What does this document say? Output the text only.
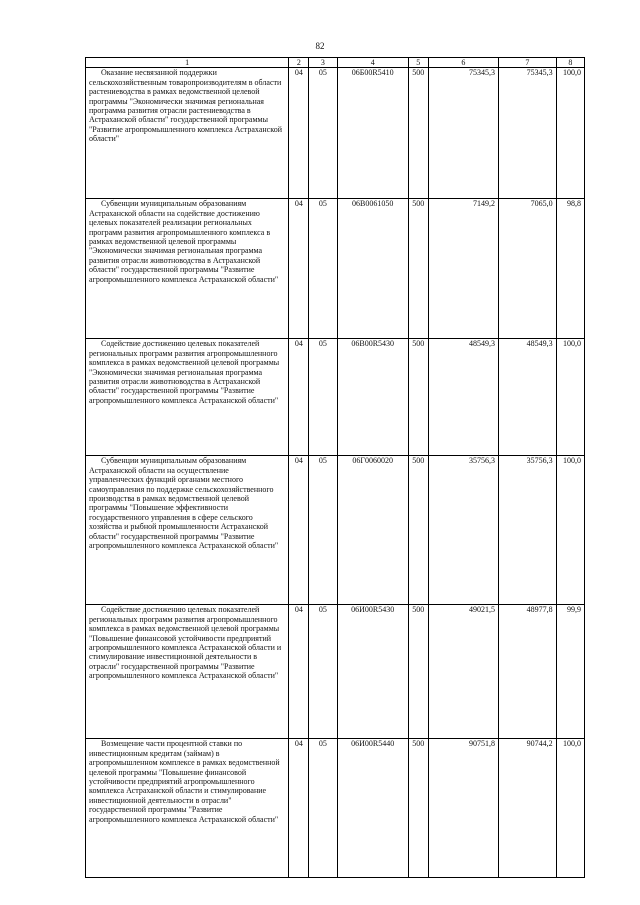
82
1	2	3	4	5	6	7	8
Оказание несвязанной поддержки сельскохозяйственным товаропроизводителям в области растениеводства в рамках ведомственной целевой программы "Экономически значимая региональная программа развития отрасли растениеводства в Астраханской области" государственной программы "Развитие агропромышленного комплекса Астраханской области"	04	05	06Б00R5410	500	75345,3	75345,3	100,0
Субвенции муниципальным образованиям Астраханской области на содействие достижению целевых показателей реализации региональных программ развития агропромышленного комплекса в рамках ведомственной целевой программы "Экономически значимая региональная программа развития отрасли животноводства в Астраханской области" государственной программы "Развитие агропромышленного комплекса Астраханской области"	04	05	06В0061050	500	7149,2	7065,0	98,8
Содействие достижению целевых показателей региональных программ развития агропромышленного комплекса в рамках ведомственной целевой программы "Экономически значимая региональная программа развития отрасли животноводства в Астраханской области" государственной программы "Развитие агропромышленного комплекса Астраханской области"	04	05	06В00R5430	500	48549,3	48549,3	100,0
Субвенции муниципальным образованиям Астраханской области на осуществление управленческих функций органами местного самоуправления по поддержке сельскохозяйственного производства в рамках ведомственной целевой программы "Повышение эффективности государственного управления в сфере сельского хозяйства и рыбной промышленности Астраханской области" государственной программы "Развитие агропромышленного комплекса Астраханской области"	04	05	06Г0060020	500	35756,3	35756,3	100,0
Содействие достижению целевых показателей региональных программ развития агропромышленного комплекса в рамках ведомственной целевой программы "Повышение финансовой устойчивости предприятий агропромышленного комплекса Астраханской области и стимулирование инвестиционной деятельности в отрасли" государственной программы "Развитие агропромышленного комплекса Астраханской области"	04	05	06И00R5430	500	49021,5	48977,8	99,9
Возмещение части процентной ставки по инвестиционным кредитам (займам) в агропромышленном комплексе в рамках ведомственной целевой программы "Повышение финансовой устойчивости предприятий агропромышленного комплекса Астраханской области и стимулирование инвестиционной деятельности в отрасли" государственной программы "Развитие агропромышленного комплекса Астраханской области"	04	05	06И00R5440	500	90751,8	90744,2	100,0
